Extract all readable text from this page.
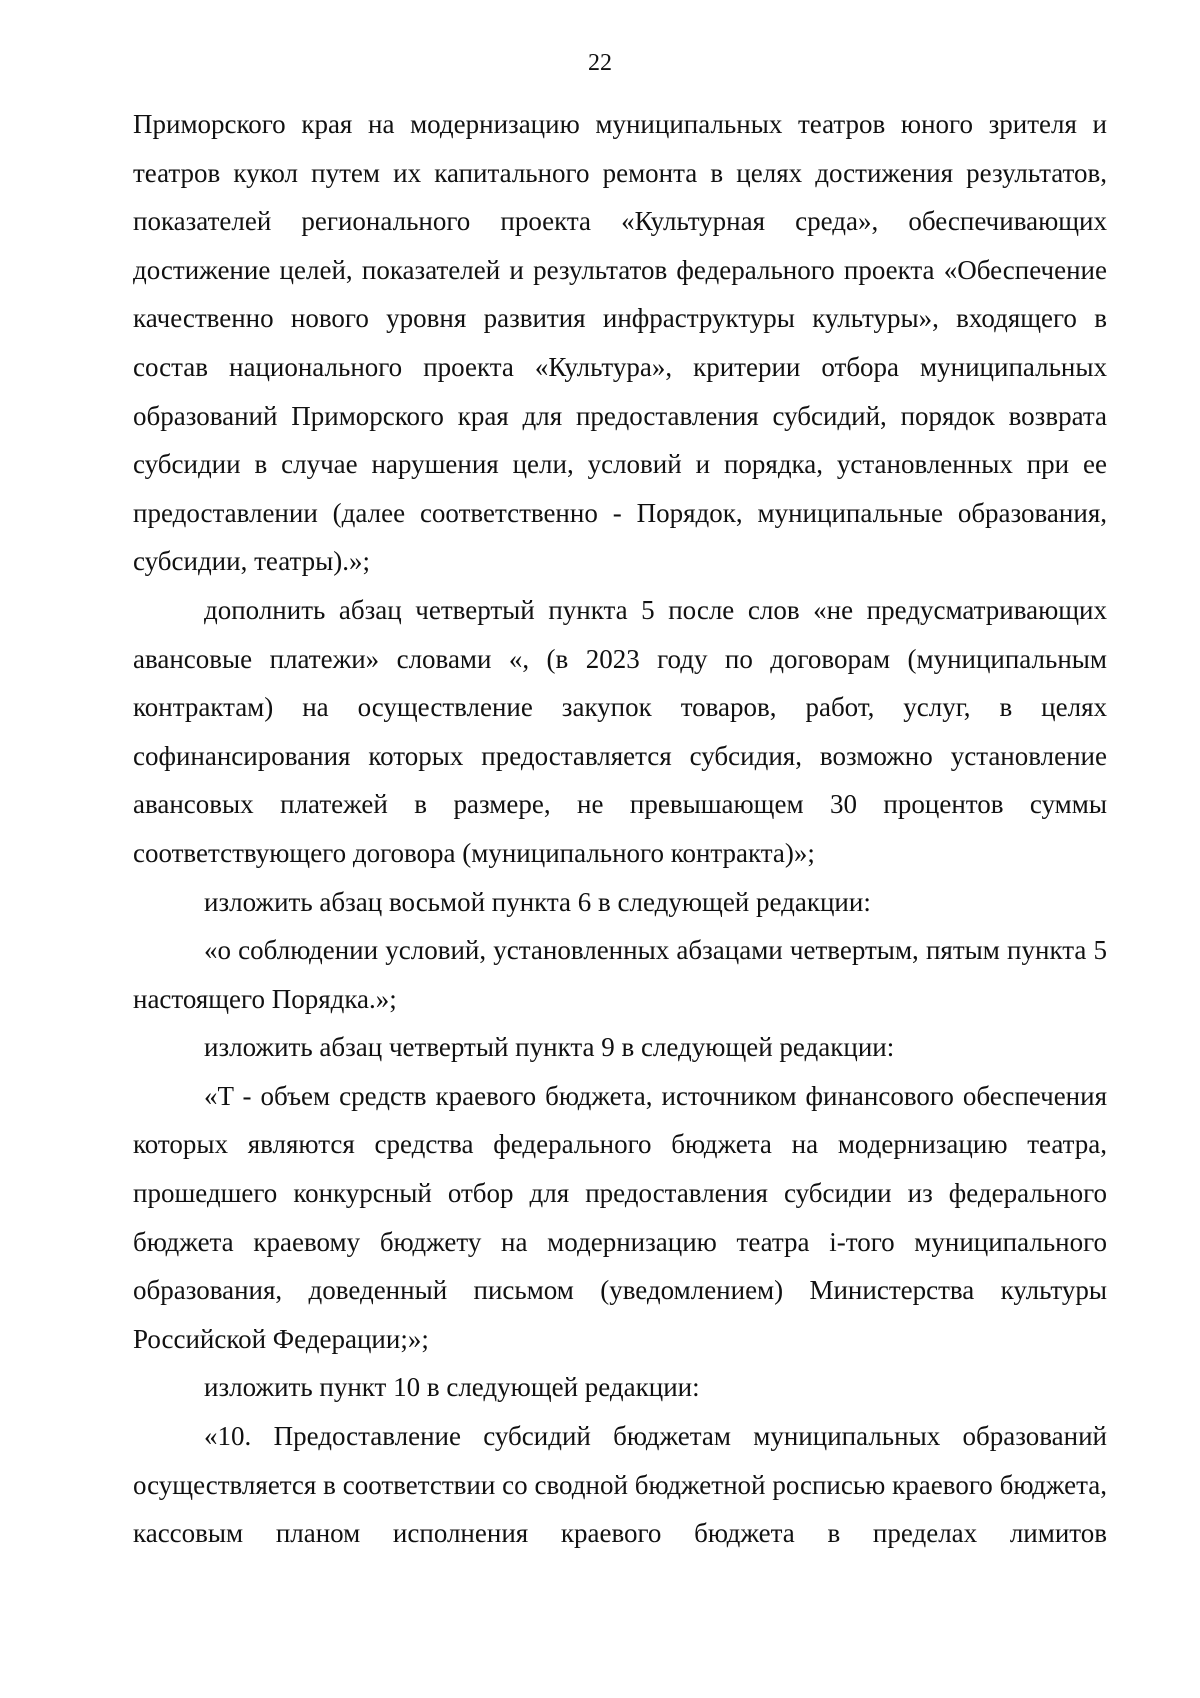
22

Приморского края на модернизацию муниципальных театров юного зрителя и театров кукол путем их капитального ремонта в целях достижения результатов, показателей регионального проекта «Культурная среда», обеспечивающих достижение целей, показателей и результатов федерального проекта «Обеспечение качественно нового уровня развития инфраструктуры культуры», входящего в состав национального проекта «Культура», критерии отбора муниципальных образований Приморского края для предоставления субсидий, порядок возврата субсидии в случае нарушения цели, условий и порядка, установленных при ее предоставлении (далее соответственно - Порядок, муниципальные образования, субсидии, театры).»;

дополнить абзац четвертый пункта 5 после слов «не предусматривающих авансовые платежи» словами «, (в 2023 году по договорам (муниципальным контрактам) на осуществление закупок товаров, работ, услуг, в целях софинансирования которых предоставляется субсидия, возможно установление авансовых платежей в размере, не превышающем 30 процентов суммы соответствующего договора (муниципального контракта)»;

изложить абзац восьмой пункта 6 в следующей редакции:

«о соблюдении условий, установленных абзацами четвертым, пятым пункта 5 настоящего Порядка.»;

изложить абзац четвертый пункта 9 в следующей редакции:

«T - объем средств краевого бюджета, источником финансового обеспечения которых являются средства федерального бюджета на модернизацию театра, прошедшего конкурсный отбор для предоставления субсидии из федерального бюджета краевому бюджету на модернизацию театра i-того муниципального образования, доведенный письмом (уведомлением) Министерства культуры Российской Федерации;»;

изложить пункт 10 в следующей редакции:

«10. Предоставление субсидий бюджетам муниципальных образований осуществляется в соответствии со сводной бюджетной росписью краевого бюджета, кассовым планом исполнения краевого бюджета в пределах лимитов
